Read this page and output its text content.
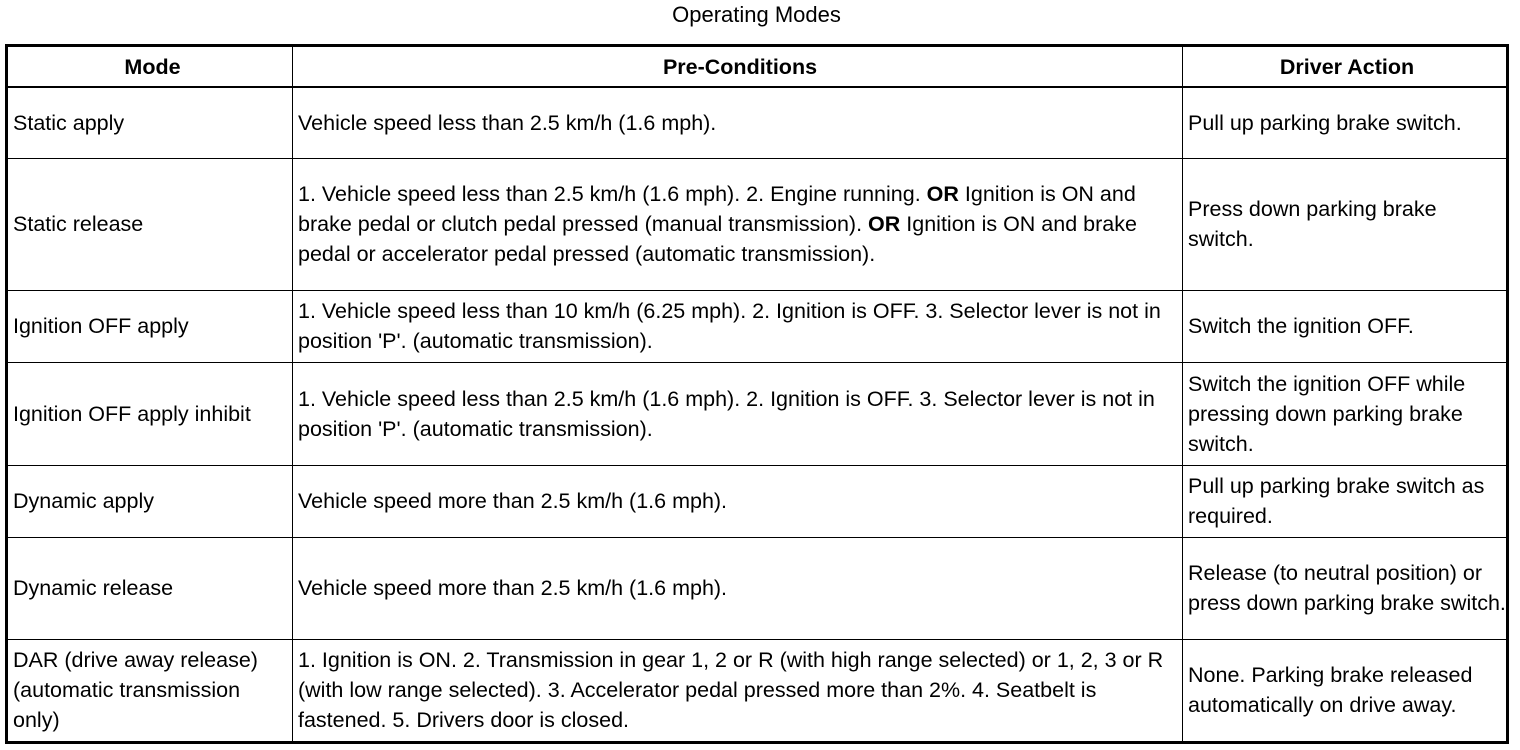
Operating Modes
Mode	Pre-Conditions	Driver Action
Static apply	Vehicle speed less than 2.5 km/h (1.6 mph).	Pull up parking brake switch.
Static release	1. Vehicle speed less than 2.5 km/h (1.6 mph). 2. Engine running. OR Ignition is ON and brake pedal or clutch pedal pressed (manual transmission). OR Ignition is ON and brake pedal or accelerator pedal pressed (automatic transmission).	Press down parking brake switch.
Ignition OFF apply	1. Vehicle speed less than 10 km/h (6.25 mph). 2. Ignition is OFF. 3. Selector lever is not in position 'P'. (automatic transmission).	Switch the ignition OFF.
Ignition OFF apply inhibit	1. Vehicle speed less than 2.5 km/h (1.6 mph). 2. Ignition is OFF. 3. Selector lever is not in position 'P'. (automatic transmission).	Switch the ignition OFF while pressing down parking brake switch.
Dynamic apply	Vehicle speed more than 2.5 km/h (1.6 mph).	Pull up parking brake switch as required.
Dynamic release	Vehicle speed more than 2.5 km/h (1.6 mph).	Release (to neutral position) or press down parking brake switch.
DAR (drive away release) (automatic transmission only)	1. Ignition is ON. 2. Transmission in gear 1, 2 or R (with high range selected) or 1, 2, 3 or R (with low range selected). 3. Accelerator pedal pressed more than 2%. 4. Seatbelt is fastened. 5. Drivers door is closed.	None. Parking brake released automatically on drive away.
